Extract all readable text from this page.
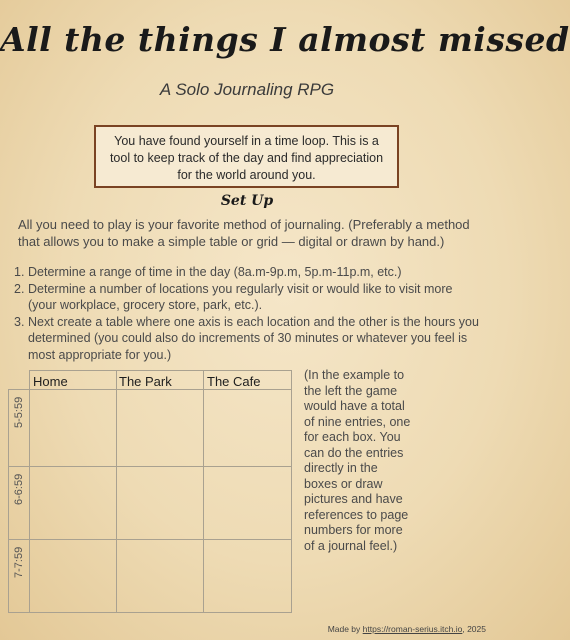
All the things I almost missed
A Solo Journaling RPG
You have found yourself in a time loop. This is a tool to keep track of the day and find appreciation for the world around you.
Set Up
All you need to play is your favorite method of journaling. (Preferably a method that allows you to make a simple table or grid — digital or drawn by hand.)
1. Determine a range of time in the day (8a.m-9p.m, 5p.m-11p.m, etc.)
2. Determine a number of locations you regularly visit or would like to visit more (your workplace, grocery store, park, etc.).
3. Next create a table where one axis is each location and the other is the hours you determined (you could also do increments of 30 minutes or whatever you feel is most appropriate for you.)
Home	The Park	The Cafe
5-5:59
6-6:59
7-7:59
(In the example to the left the game would have a total of nine entries, one for each box. You can do the entries directly in the boxes or draw pictures and have references to page numbers for more of a journal feel.)
Made by https://roman-serius.itch.io, 2025
